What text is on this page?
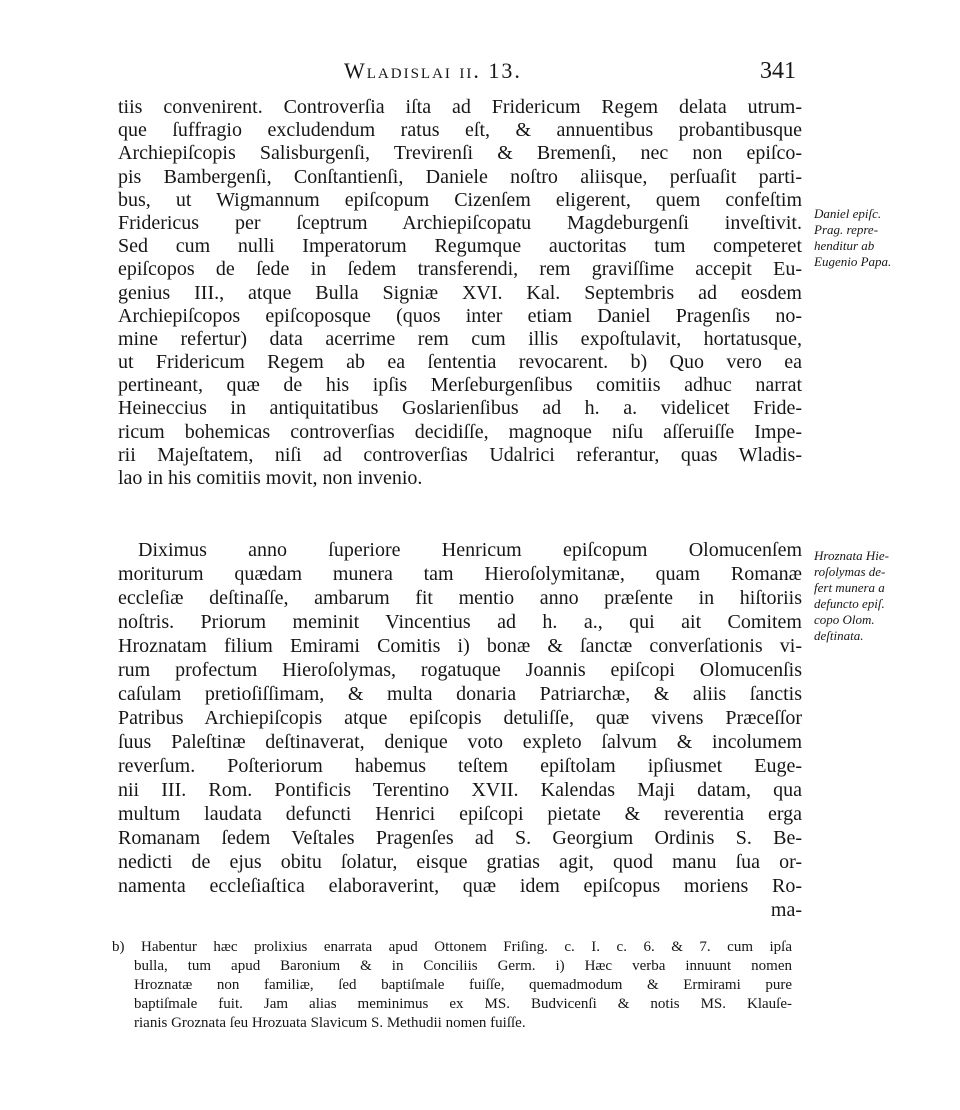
Wladislai ii. 13.	341
tiis convenirent. Controverſia iſta ad Fridericum Regem delata utrum-
que ſuffragio excludendum ratus eſt, & annuentibus probantibusque
Archiepiſcopis Salisburgenſi, Trevirenſi & Bremenſi, nec non epiſco-
pis Bambergenſi, Conſtantienſi, Daniele noſtro aliisque, perſuaſit parti-
bus, ut Wigmannum epiſcopum Cizenſem eligerent, quem confeſtim
Fridericus per ſceptrum Archiepiſcopatu Magdeburgenſi inveſtivit.
Sed cum nulli Imperatorum Regumque auctoritas tum competeret
epiſcopos de ſede in ſedem transferendi, rem graviſſime accepit Eu-
genius III., atque Bulla Signiæ XVI. Kal. Septembris ad eosdem
Archiepiſcopos epiſcoposque (quos inter etiam Daniel Pragenſis no-
mine refertur) data acerrime rem cum illis expoſtulavit, hortatusque,
ut Fridericum Regem ab ea ſententia revocarent. b) Quo vero ea
pertineant, quæ de his ipſis Merſeburgenſibus comitiis adhuc narrat
Heineccius in antiquitatibus Goslarienſibus ad h. a. videlicet Fride-
ricum bohemicas controverſias decidiſſe, magnoque niſu aſſeruiſſe Impe-
rii Majeſtatem, niſi ad controverſias Udalrici referantur, quas Wladis-
lao in his comitiis movit, non invenio.
Daniel epiſc.
Prag. repre-
henditur ab
Eugenio Papa.
Diximus anno ſuperiore Henricum epiſcopum Olomucenſem
moriturum quædam munera tam Hieroſolymitanæ, quam Romanæ
eccleſiæ deſtinaſſe, ambarum fit mentio anno præſente in hiſtoriis
noſtris. Priorum meminit Vincentius ad h. a., qui ait Comitem
Hroznatam filium Emirami Comitis i) bonæ & ſanctæ converſationis vi-
rum profectum Hieroſolymas, rogatuque Joannis epiſcopi Olomucenſis
caſulam pretioſiſſimam, & multa donaria Patriarchæ, & aliis ſanctis
Patribus Archiepiſcopis atque epiſcopis detuliſſe, quæ vivens Præceſſor
ſuus Paleſtinæ deſtinaverat, denique voto expleto ſalvum & incolumem
reverſum. Poſteriorum habemus teſtem epiſtolam ipſiusmet Euge-
nii III. Rom. Pontificis Terentino XVII. Kalendas Maji datam, qua
multum laudata defuncti Henrici epiſcopi pietate & reverentia erga
Romanam ſedem Veſtales Pragenſes ad S. Georgium Ordinis S. Be-
nedicti de ejus obitu ſolatur, eisque gratias agit, quod manu ſua or-
namenta eccleſiaſtica elaboraverint, quæ idem epiſcopus moriens Ro-
ma-
Hroznata Hie-
roſolymas de-
fert munera a
defuncto epiſ.
copo Olom.
deſtinata.
b) Habentur hæc prolixius enarrata apud Ottonem Friſing. c. I. c. 6. & 7. cum ipſa
bulla, tum apud Baronium & in Conciliis Germ. i) Hæc verba innuunt nomen
Hroznatæ non familiæ, ſed baptiſmale fuiſſe, quemadmodum & Ermirami pure
baptiſmale fuit. Jam alias meminimus ex MS. Budvicenſi & notis MS. Klauſe-
rianis Groznata ſeu Hrozuata Slavicum S. Methudii nomen fuiſſe.
